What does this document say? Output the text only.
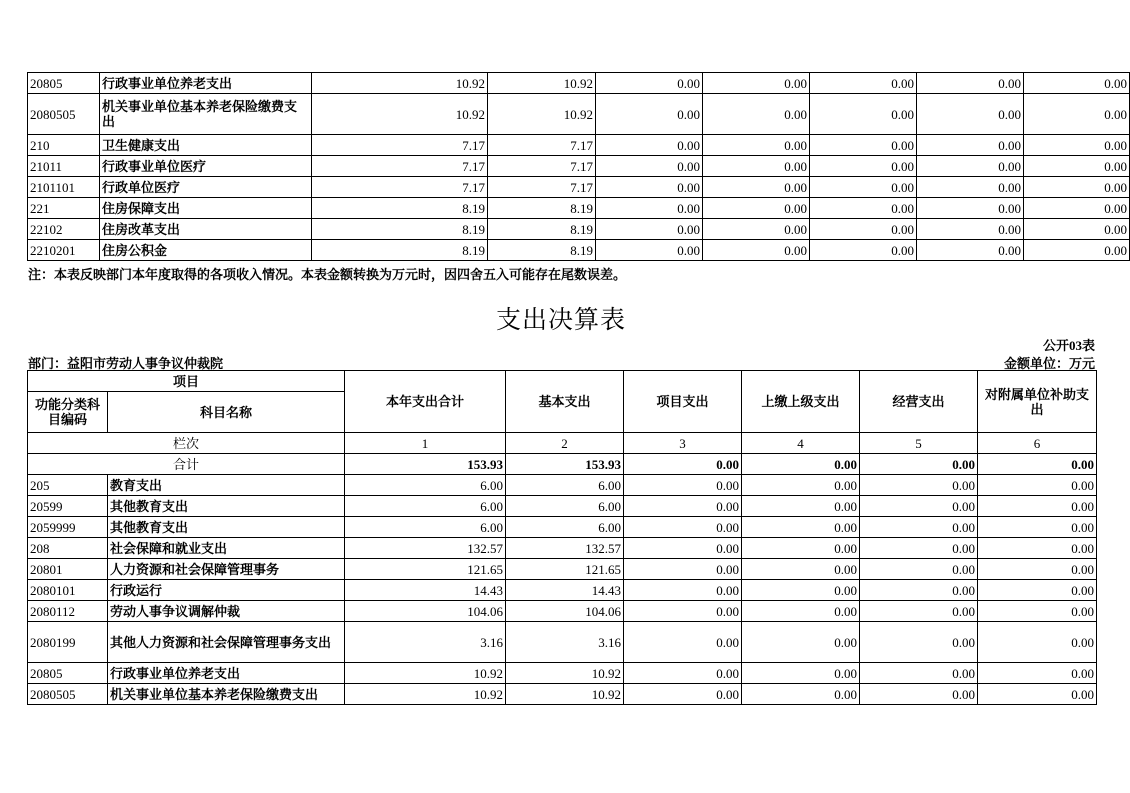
20805	行政事业单位养老支出	10.92	10.92	0.00	0.00	0.00	0.00	0.00
2080505	机关事业单位基本养老保险缴费支出	10.92	10.92	0.00	0.00	0.00	0.00	0.00
210	卫生健康支出	7.17	7.17	0.00	0.00	0.00	0.00	0.00
21011	行政事业单位医疗	7.17	7.17	0.00	0.00	0.00	0.00	0.00
2101101	行政单位医疗	7.17	7.17	0.00	0.00	0.00	0.00	0.00
221	住房保障支出	8.19	8.19	0.00	0.00	0.00	0.00	0.00
22102	住房改革支出	8.19	8.19	0.00	0.00	0.00	0.00	0.00
2210201	住房公积金	8.19	8.19	0.00	0.00	0.00	0.00	0.00
注：本表反映部门本年度取得的各项收入情况。本表金额转换为万元时，因四舍五入可能存在尾数误差。
支出决算表
公开03表
部门：益阳市劳动人事争议仲裁院	金额单位：万元
项目		本年支出合计	基本支出	项目支出	上缴上级支出	经营支出	对附属单位补助支出
功能分类科目编码	科目名称						
栏次		1	2	3	4	5	6
合计		153.93	153.93	0.00	0.00	0.00	0.00
205	教育支出	6.00	6.00	0.00	0.00	0.00	0.00
20599	其他教育支出	6.00	6.00	0.00	0.00	0.00	0.00
2059999	其他教育支出	6.00	6.00	0.00	0.00	0.00	0.00
208	社会保障和就业支出	132.57	132.57	0.00	0.00	0.00	0.00
20801	人力资源和社会保障管理事务	121.65	121.65	0.00	0.00	0.00	0.00
2080101	行政运行	14.43	14.43	0.00	0.00	0.00	0.00
2080112	劳动人事争议调解仲裁	104.06	104.06	0.00	0.00	0.00	0.00
2080199	其他人力资源和社会保障管理事务支出	3.16	3.16	0.00	0.00	0.00	0.00
20805	行政事业单位养老支出	10.92	10.92	0.00	0.00	0.00	0.00
2080505	机关事业单位基本养老保险缴费支出	10.92	10.92	0.00	0.00	0.00	0.00
